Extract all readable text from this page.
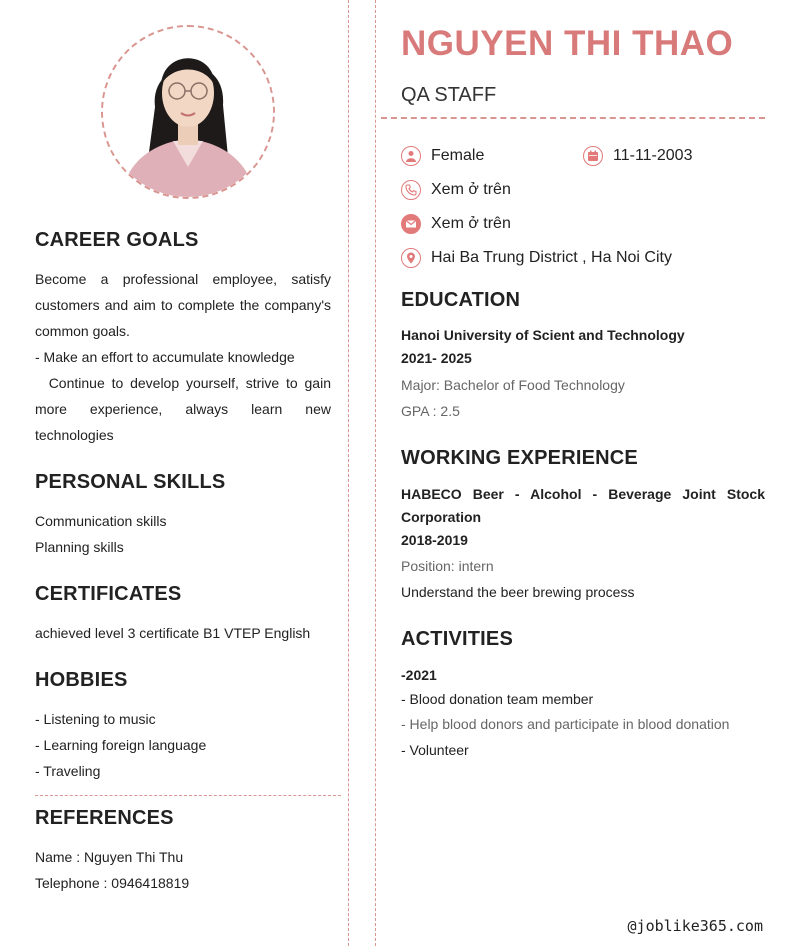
CAREER GOALS
Become a professional employee, satisfy customers and aim to complete the company's common goals.
- Make an effort to accumulate knowledge
Continue to develop yourself, strive to gain more experience, always learn new technologies
PERSONAL SKILLS
Communication skills
Planning skills
CERTIFICATES
achieved level 3 certificate B1 VTEP English
HOBBIES
- Listening to music
- Learning foreign language
- Traveling
REFERENCES
Name : Nguyen Thi Thu
Telephone : 0946418819
NGUYEN THI THAO
QA STAFF
Female	11-11-2003
Xem ở trên
Xem ở trên
Hai Ba Trung District , Ha Noi City
EDUCATION
Hanoi University of Scient and Technology
2021- 2025
Major: Bachelor of Food Technology
GPA : 2.5
WORKING EXPERIENCE
HABECO Beer - Alcohol - Beverage Joint Stock Corporation
2018-2019
Position: intern
Understand the beer brewing process
ACTIVITIES
-2021
- Blood donation team member
- Help blood donors and participate in blood donation
- Volunteer
@joblike365.com
